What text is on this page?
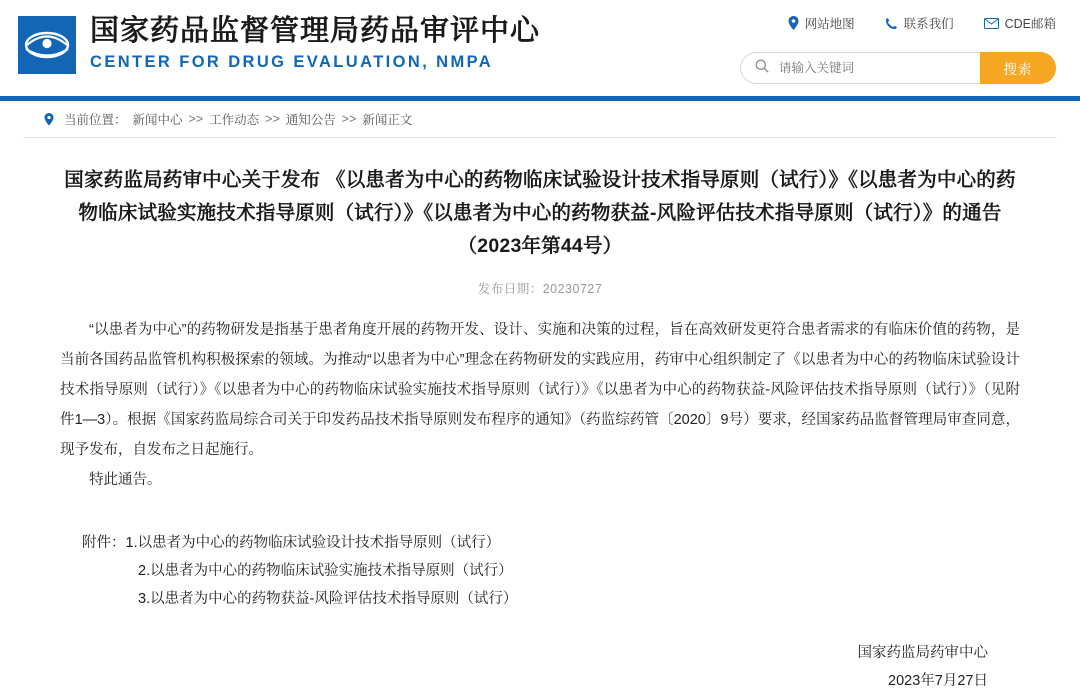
国家药品监督管理局药品审评中心
CENTER FOR DRUG EVALUATION, NMPA
网站地图	联系我们	CDE邮箱
请输入关键词
搜索
当前位置： 新闻中心 >> 工作动态 >> 通知公告 >> 新闻正文
国家药监局药审中心关于发布 《以患者为中心的药物临床试验设计技术指导原则（试行）》《以患者为中心的药物临床试验实施技术指导原则（试行）》《以患者为中心的药物获益-风险评估技术指导原则（试行）》的通告（2023年第44号）
发布日期：20230727

“以患者为中心”的药物研发是指基于患者角度开展的药物开发、设计、实施和决策的过程，旨在高效研发更符合患者需求的有临床价值的药物，是当前各国药品监管机构积极探索的领域。为推动“以患者为中心”理念在药物研发的实践应用，药审中心组织制定了《以患者为中心的药物临床试验设计技术指导原则（试行）》《以患者为中心的药物临床试验实施技术指导原则（试行）》《以患者为中心的药物获益-风险评估技术指导原则（试行）》（见附件1—3）。根据《国家药监局综合司关于印发药品技术指导原则发布程序的通知》（药监综药管〔2020〕9号）要求，经国家药品监督管理局审查同意，现予发布，自发布之日起施行。

特此通告。

附件： 1.以患者为中心的药物临床试验设计技术指导原则（试行）
2.以患者为中心的药物临床试验实施技术指导原则（试行）
3.以患者为中心的药物获益-风险评估技术指导原则（试行）
国家药监局药审中心
2023年7月27日
